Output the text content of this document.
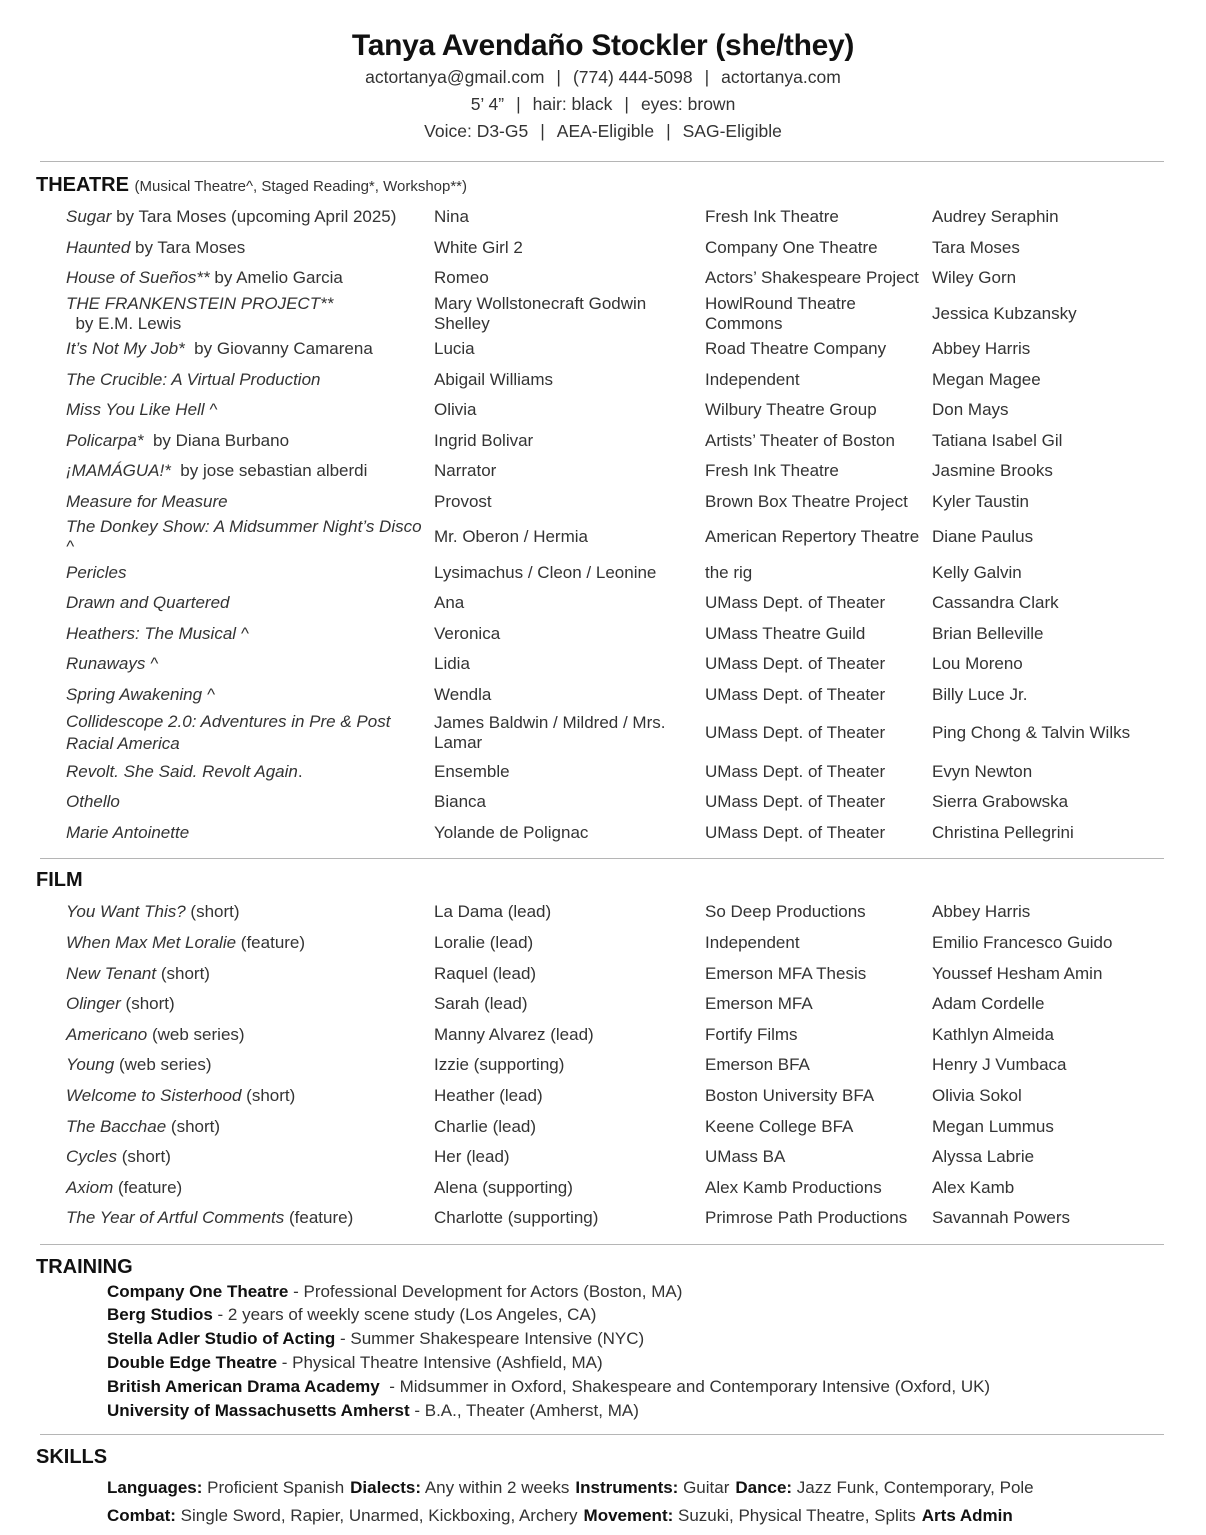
Tanya Avendaño Stockler (she/they)
actortanya@gmail.com | (774) 444-5098 | actortanya.com
5’ 4” | hair: black | eyes: brown
Voice: D3-G5 | AEA-Eligible | SAG-Eligible
THEATRE (Musical Theatre^, Staged Reading*, Workshop**)
Sugar by Tara Moses (upcoming April 2025)	Nina	Fresh Ink Theatre	Audrey Seraphin
Haunted by Tara Moses	White Girl 2	Company One Theatre	Tara Moses
House of Sueños** by Amelio Garcia	Romeo	Actors’ Shakespeare Project	Wiley Gorn
THE FRANKENSTEIN PROJECT**  by E.M. Lewis	Mary Wollstonecraft Godwin Shelley	HowlRound Theatre Commons	Jessica Kubzansky
It’s Not My Job*  by Giovanny Camarena	Lucia	Road Theatre Company	Abbey Harris
The Crucible: A Virtual Production	Abigail Williams	Independent	Megan Magee
Miss You Like Hell ^	Olivia	Wilbury Theatre Group	Don Mays
Policarpa*  by Diana Burbano	Ingrid Bolivar	Artists’ Theater of Boston	Tatiana Isabel Gil
¡MAMÁGUA!*  by jose sebastian alberdi	Narrator	Fresh Ink Theatre	Jasmine Brooks
Measure for Measure	Provost	Brown Box Theatre Project	Kyler Taustin
The Donkey Show: A Midsummer Night’s Disco ^	Mr. Oberon / Hermia	American Repertory Theatre	Diane Paulus
Pericles	Lysimachus / Cleon / Leonine	the rig	Kelly Galvin
Drawn and Quartered	Ana	UMass Dept. of Theater	Cassandra Clark
Heathers: The Musical ^	Veronica	UMass Theatre Guild	Brian Belleville
Runaways ^	Lidia	UMass Dept. of Theater	Lou Moreno
Spring Awakening ^	Wendla	UMass Dept. of Theater	Billy Luce Jr.
Collidescope 2.0: Adventures in Pre & Post Racial America	James Baldwin / Mildred / Mrs. Lamar	UMass Dept. of Theater	Ping Chong & Talvin Wilks
Revolt. She Said. Revolt Again.	Ensemble	UMass Dept. of Theater	Evyn Newton
Othello	Bianca	UMass Dept. of Theater	Sierra Grabowska
Marie Antoinette	Yolande de Polignac	UMass Dept. of Theater	Christina Pellegrini
FILM
You Want This? (short)	La Dama (lead)	So Deep Productions	Abbey Harris
When Max Met Loralie (feature)	Loralie (lead)	Independent	Emilio Francesco Guido
New Tenant (short)	Raquel (lead)	Emerson MFA Thesis	Youssef Hesham Amin
Olinger (short)	Sarah (lead)	Emerson MFA	Adam Cordelle
Americano (web series)	Manny Alvarez (lead)	Fortify Films	Kathlyn Almeida
Young (web series)	Izzie (supporting)	Emerson BFA	Henry J Vumbaca
Welcome to Sisterhood (short)	Heather (lead)	Boston University BFA	Olivia Sokol
The Bacchae (short)	Charlie (lead)	Keene College BFA	Megan Lummus
Cycles (short)	Her (lead)	UMass BA	Alyssa Labrie
Axiom (feature)	Alena (supporting)	Alex Kamb Productions	Alex Kamb
The Year of Artful Comments (feature)	Charlotte (supporting)	Primrose Path Productions	Savannah Powers
TRAINING
Company One Theatre - Professional Development for Actors (Boston, MA)
Berg Studios - 2 years of weekly scene study (Los Angeles, CA)
Stella Adler Studio of Acting - Summer Shakespeare Intensive (NYC)
Double Edge Theatre - Physical Theatre Intensive (Ashfield, MA)
British American Drama Academy  - Midsummer in Oxford, Shakespeare and Contemporary Intensive (Oxford, UK)
University of Massachusetts Amherst - B.A., Theater (Amherst, MA)
SKILLS
Languages: Proficient Spanish Dialects: Any within 2 weeks Instruments: Guitar Dance: Jazz Funk, Contemporary, Pole
Combat: Single Sword, Rapier, Unarmed, Kickboxing, Archery Movement: Suzuki, Physical Theatre, Splits Arts Admin
